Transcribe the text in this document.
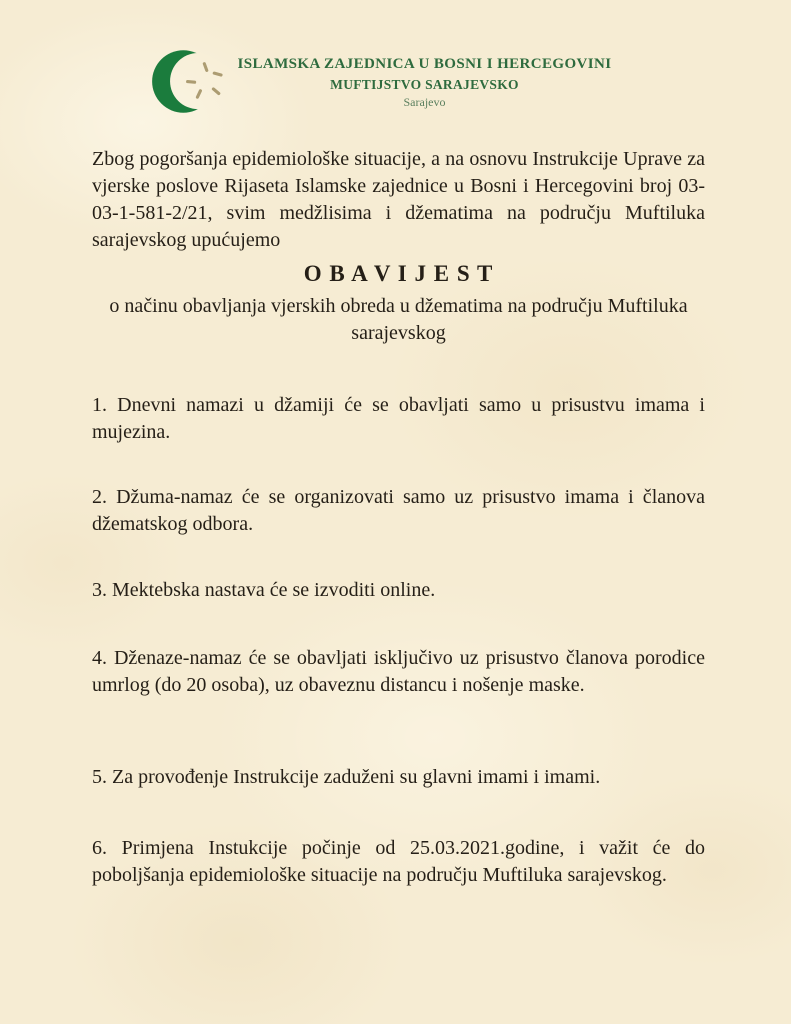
ISLAMSKA ZAJEDNICA U BOSNI I HERCEGOVINI
MUFTIJSTVO SARAJEVSKO
Sarajevo

Zbog pogoršanja epidemiološke situacije, a na osnovu Instrukcije Uprave za vjerske poslove Rijaseta Islamske zajednice u Bosni i Hercegovini broj 03-03-1-581-2/21, svim medžlisima i džematima na području Muftiluka sarajevskog upućujemo

O B A V I J E S T

o načinu obavljanja vjerskih obreda u džematima na području Muftiluka sarajevskog

1. Dnevni namazi u džamiji će se obavljati samo u prisustvu imama i mujezina.

2. Džuma-namaz će se organizovati samo uz prisustvo imama i članova džematskog odbora.

3. Mektebska nastava će se izvoditi online.

4. Dženaze-namaz će se obavljati isključivo uz prisustvo članova porodice umrlog (do 20 osoba), uz obaveznu distancu i nošenje maske.

5. Za provođenje Instrukcije zaduženi su glavni imami i imami.

6. Primjena Instukcije počinje od 25.03.2021.godine, i važit će do poboljšanja epidemiološke situacije na području Muftiluka sarajevskog.
